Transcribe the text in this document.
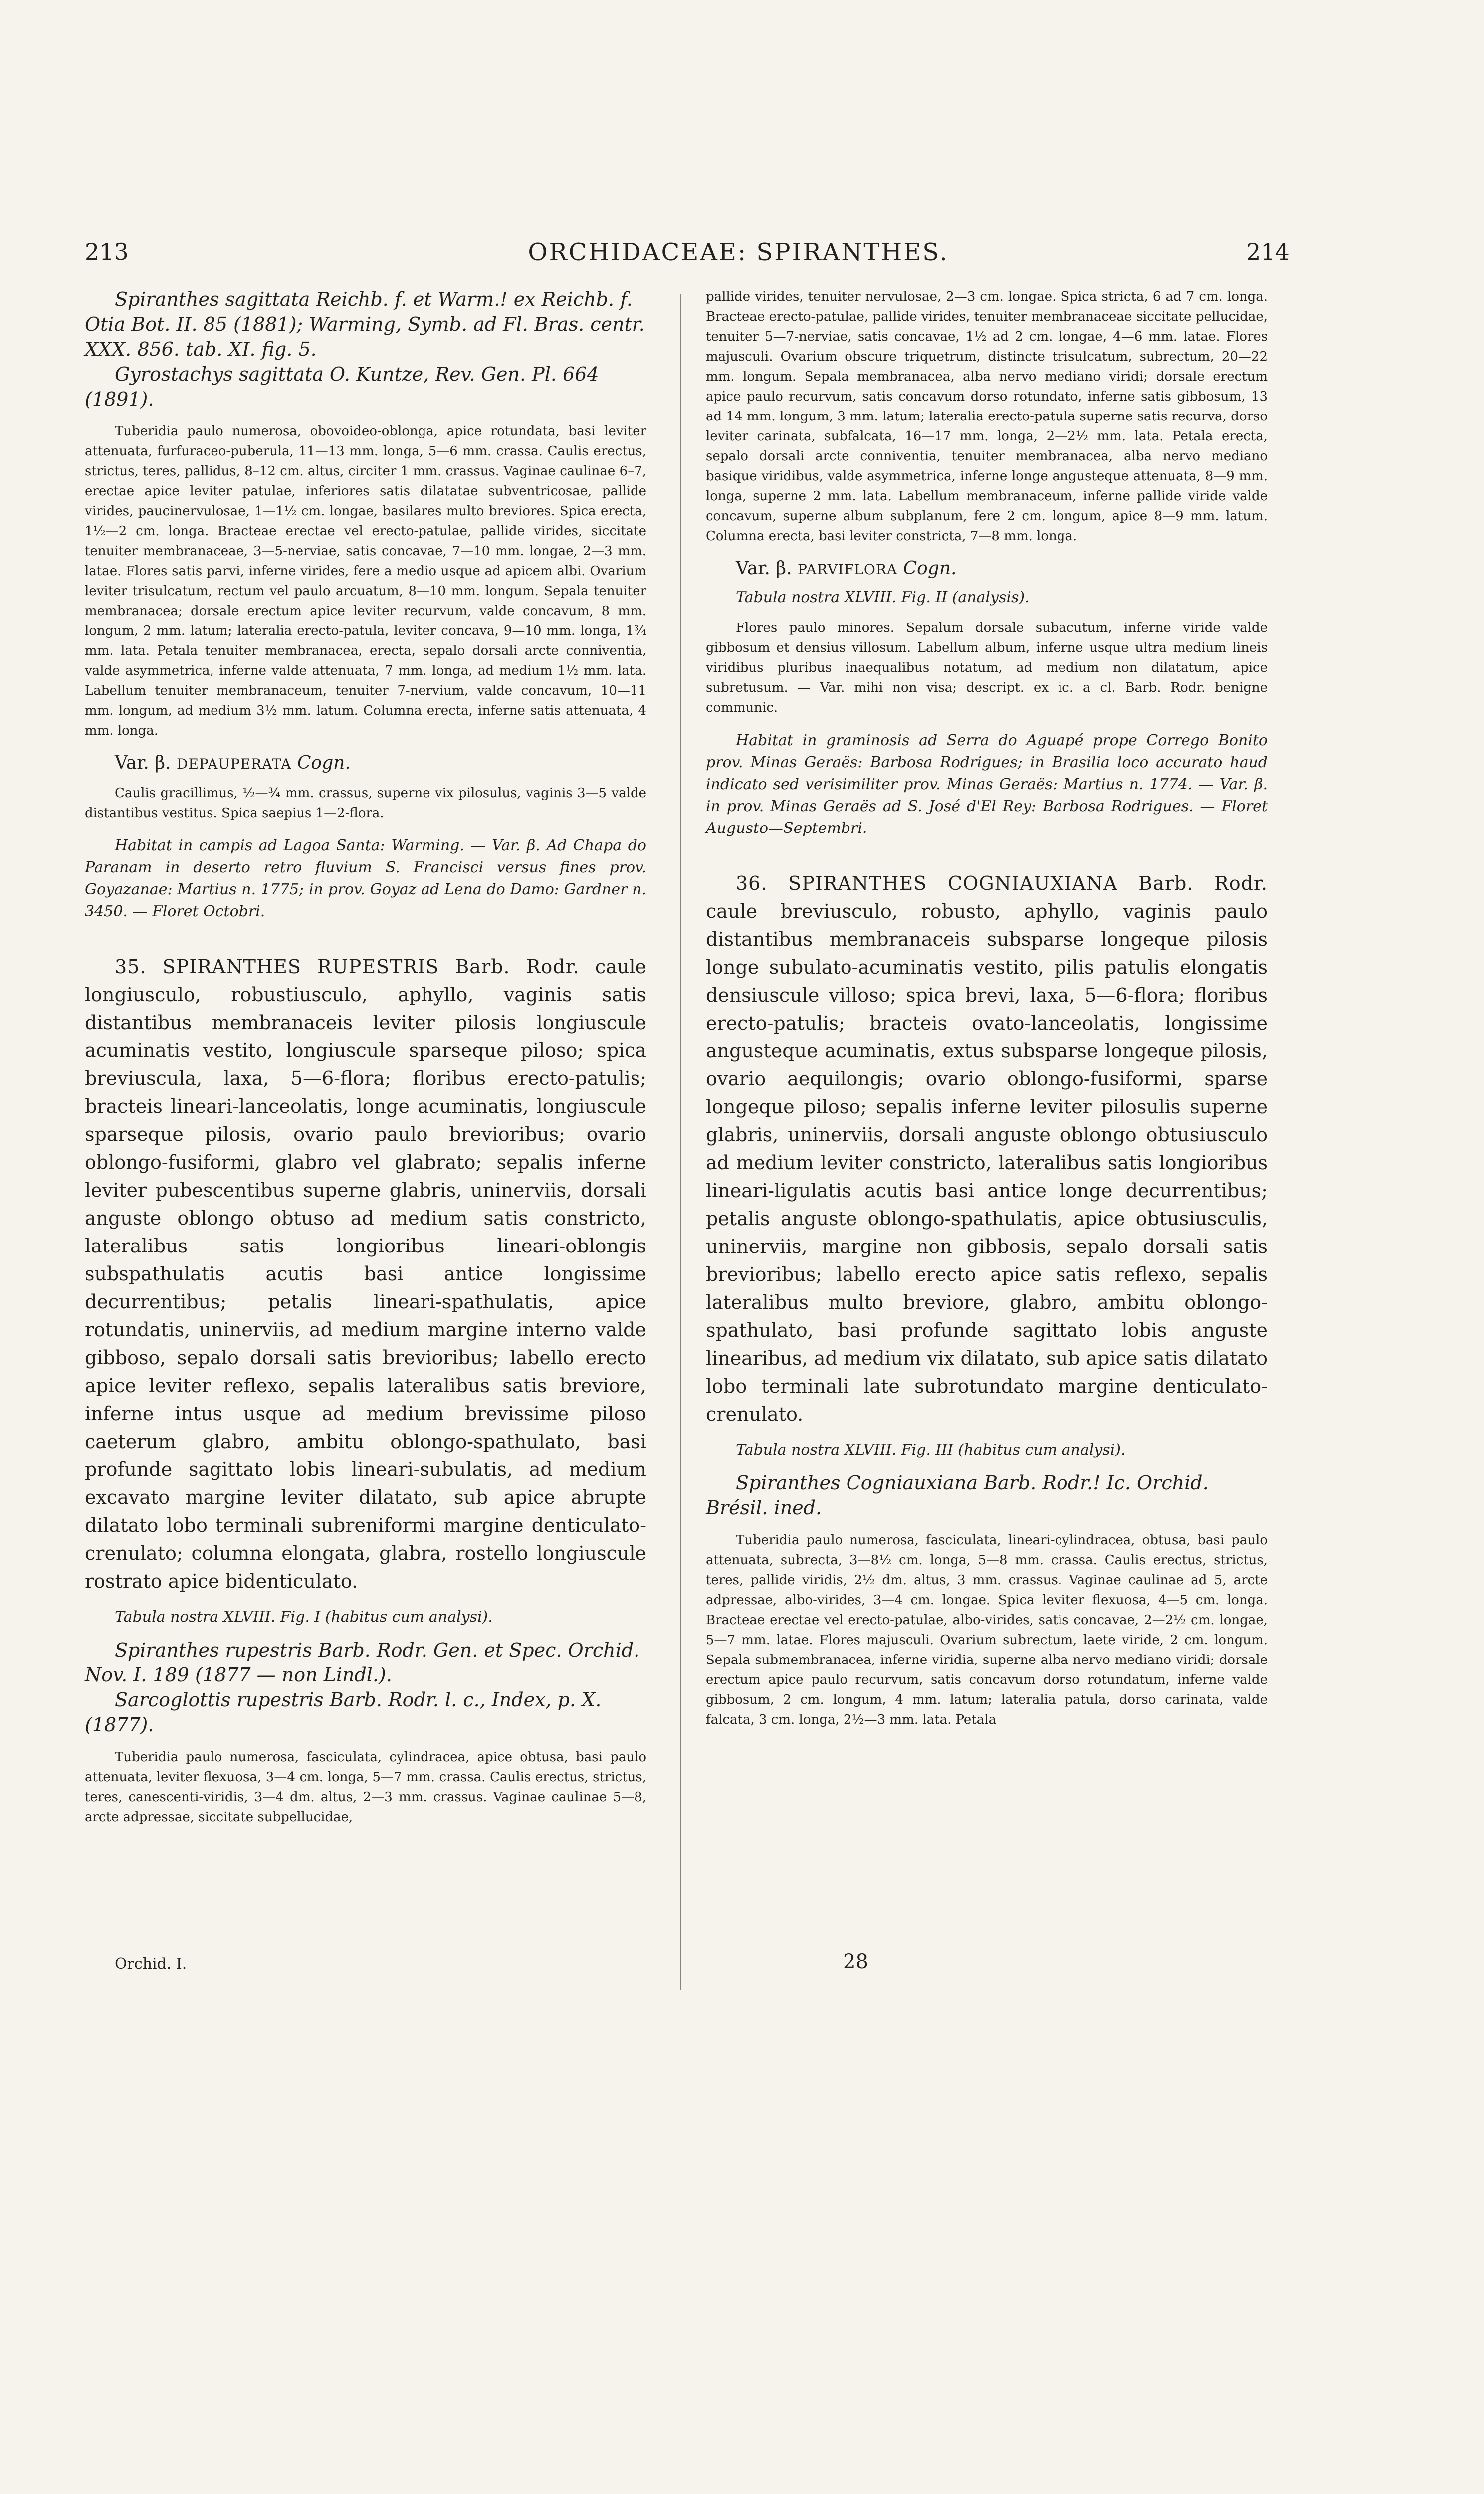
213	ORCHIDACEAE: SPIRANTHES.	214

Spiranthes sagittata Reichb. f. et Warm.! ex Reichb. f. Otia Bot. II. 85 (1881); Warming, Symb. ad Fl. Bras. centr. XXX. 856. tab. XI. fig. 5.

Gyrostachys sagittata O. Kuntze, Rev. Gen. Pl. 664 (1891).

Tuberidia paulo numerosa, obovoideo-oblonga, apice rotundata, basi leviter attenuata, furfuraceo-puberula, 11—13 mm. longa, 5—6 mm. crassa. Caulis erectus, strictus, teres, pallidus, 8–12 cm. altus, circiter 1 mm. crassus. Vaginae caulinae 6–7, erectae apice leviter patulae, inferiores satis dilatatae subventricosae, pallide virides, paucinervulosae, 1—1½ cm. longae, basilares multo breviores. Spica erecta, 1½—2 cm. longa. Bracteae erectae vel erecto-patulae, pallide virides, siccitate tenuiter membranaceae, 3—5-nerviae, satis concavae, 7—10 mm. longae, 2—3 mm. latae. Flores satis parvi, inferne virides, fere a medio usque ad apicem albi. Ovarium leviter trisulcatum, rectum vel paulo arcuatum, 8—10 mm. longum. Sepala tenuiter membranacea; dorsale erectum apice leviter recurvum, valde concavum, 8 mm. longum, 2 mm. latum; lateralia erecto-patula, leviter concava, 9—10 mm. longa, 1¾ mm. lata. Petala tenuiter membranacea, erecta, sepalo dorsali arcte conniventia, valde asymmetrica, inferne valde attenuata, 7 mm. longa, ad medium 1½ mm. lata. Labellum tenuiter membranaceum, tenuiter 7-nervium, valde concavum, 10—11 mm. longum, ad medium 3½ mm. latum. Columna erecta, inferne satis attenuata, 4 mm. longa.

Var. β. DEPAUPERATA Cogn.

Caulis gracillimus, ½—¾ mm. crassus, superne vix pilosulus, vaginis 3—5 valde distantibus vestitus. Spica saepius 1—2-flora.

Habitat in campis ad Lagoa Santa: Warming. — Var. β. Ad Chapa do Paranam in deserto retro fluvium S. Francisci versus fines prov. Goyazanae: Martius n. 1775; in prov. Goyaz ad Lena do Damo: Gardner n. 3450. — Floret Octobri.

35. SPIRANTHES RUPESTRIS Barb. Rodr. caule longiusculo, robustiusculo, aphyllo, vaginis satis distantibus membranaceis leviter pilosis longiuscule acuminatis vestito, longiuscule sparseque piloso; spica breviuscula, laxa, 5—6-flora; floribus erecto-patulis; bracteis lineari-lanceolatis, longe acuminatis, longiuscule sparseque pilosis, ovario paulo brevioribus; ovario oblongo-fusiformi, glabro vel glabrato; sepalis inferne leviter pubescentibus superne glabris, uninerviis, dorsali anguste oblongo obtuso ad medium satis constricto, lateralibus satis longioribus lineari-oblongis subspathulatis acutis basi antice longissime decurrentibus; petalis lineari-spathulatis, apice rotundatis, uninerviis, ad medium margine interno valde gibboso, sepalo dorsali satis brevioribus; labello erecto apice leviter reflexo, sepalis lateralibus satis breviore, inferne intus usque ad medium brevissime piloso caeterum glabro, ambitu oblongo-spathulato, basi profunde sagittato lobis lineari-subulatis, ad medium excavato margine leviter dilatato, sub apice abrupte dilatato lobo terminali subreniformi margine denticulato-crenulato; columna elongata, glabra, rostello longiuscule rostrato apice bidenticulato.

Tabula nostra XLVIII. Fig. I (habitus cum analysi).

Spiranthes rupestris Barb. Rodr. Gen. et Spec. Orchid. Nov. I. 189 (1877 — non Lindl.).

Sarcoglottis rupestris Barb. Rodr. l. c., Index, p. X. (1877).

Tuberidia paulo numerosa, fasciculata, cylindracea, apice obtusa, basi paulo attenuata, leviter flexuosa, 3—4 cm. longa, 5—7 mm. crassa. Caulis erectus, strictus, teres, canescenti-viridis, 3—4 dm. altus, 2—3 mm. crassus. Vaginae caulinae 5—8, arcte adpressae, siccitate subpellucidae,

Orchid. I.

pallide virides, tenuiter nervulosae, 2—3 cm. longae. Spica stricta, 6 ad 7 cm. longa. Bracteae erecto-patulae, pallide virides, tenuiter membranaceae siccitate pellucidae, tenuiter 5—7-nerviae, satis concavae, 1½ ad 2 cm. longae, 4—6 mm. latae. Flores majusculi. Ovarium obscure triquetrum, distincte trisulcatum, subrectum, 20—22 mm. longum. Sepala membranacea, alba nervo mediano viridi; dorsale erectum apice paulo recurvum, satis concavum dorso rotundato, inferne satis gibbosum, 13 ad 14 mm. longum, 3 mm. latum; lateralia erecto-patula superne satis recurva, dorso leviter carinata, subfalcata, 16—17 mm. longa, 2—2½ mm. lata. Petala erecta, sepalo dorsali arcte conniventia, tenuiter membranacea, alba nervo mediano basique viridibus, valde asymmetrica, inferne longe angusteque attenuata, 8—9 mm. longa, superne 2 mm. lata. Labellum membranaceum, inferne pallide viride valde concavum, superne album subplanum, fere 2 cm. longum, apice 8—9 mm. latum. Columna erecta, basi leviter constricta, 7—8 mm. longa.

Var. β. PARVIFLORA Cogn.

Tabula nostra XLVIII. Fig. II (analysis).

Flores paulo minores. Sepalum dorsale subacutum, inferne viride valde gibbosum et densius villosum. Labellum album, inferne usque ultra medium lineis viridibus pluribus inaequalibus notatum, ad medium non dilatatum, apice subretusum. — Var. mihi non visa; descript. ex ic. a cl. Barb. Rodr. benigne communic.

Habitat in graminosis ad Serra do Aguapé prope Corrego Bonito prov. Minas Geraës: Barbosa Rodrigues; in Brasilia loco accurato haud indicato sed verisimiliter prov. Minas Geraës: Martius n. 1774. — Var. β. in prov. Minas Geraës ad S. José d'El Rey: Barbosa Rodrigues. — Floret Augusto—Septembri.

36. SPIRANTHES COGNIAUXIANA Barb. Rodr. caule breviusculo, robusto, aphyllo, vaginis paulo distantibus membranaceis subsparse longeque pilosis longe subulato-acuminatis vestito, pilis patulis elongatis densiuscule villoso; spica brevi, laxa, 5—6-flora; floribus erecto-patulis; bracteis ovato-lanceolatis, longissime angusteque acuminatis, extus subsparse longeque pilosis, ovario aequilongis; ovario oblongo-fusiformi, sparse longeque piloso; sepalis inferne leviter pilosulis superne glabris, uninerviis, dorsali anguste oblongo obtusiusculo ad medium leviter constricto, lateralibus satis longioribus lineari-ligulatis acutis basi antice longe decurrentibus; petalis anguste oblongo-spathulatis, apice obtusiusculis, uninerviis, margine non gibbosis, sepalo dorsali satis brevioribus; labello erecto apice satis reflexo, sepalis lateralibus multo breviore, glabro, ambitu oblongo-spathulato, basi profunde sagittato lobis anguste linearibus, ad medium vix dilatato, sub apice satis dilatato lobo terminali late subrotundato margine denticulato-crenulato.

Tabula nostra XLVIII. Fig. III (habitus cum analysi).

Spiranthes Cogniauxiana Barb. Rodr.! Ic. Orchid. Brésil. ined.

Tuberidia paulo numerosa, fasciculata, lineari-cylindracea, obtusa, basi paulo attenuata, subrecta, 3—8½ cm. longa, 5—8 mm. crassa. Caulis erectus, strictus, teres, pallide viridis, 2½ dm. altus, 3 mm. crassus. Vaginae caulinae ad 5, arcte adpressae, albo-virides, 3—4 cm. longae. Spica leviter flexuosa, 4—5 cm. longa. Bracteae erectae vel erecto-patulae, albo-virides, satis concavae, 2—2½ cm. longae, 5—7 mm. latae. Flores majusculi. Ovarium subrectum, laete viride, 2 cm. longum. Sepala submembranacea, inferne viridia, superne alba nervo mediano viridi; dorsale erectum apice paulo recurvum, satis concavum dorso rotundatum, inferne valde gibbosum, 2 cm. longum, 4 mm. latum; lateralia patula, dorso carinata, valde falcata, 3 cm. longa, 2½—3 mm. lata. Petala

28
